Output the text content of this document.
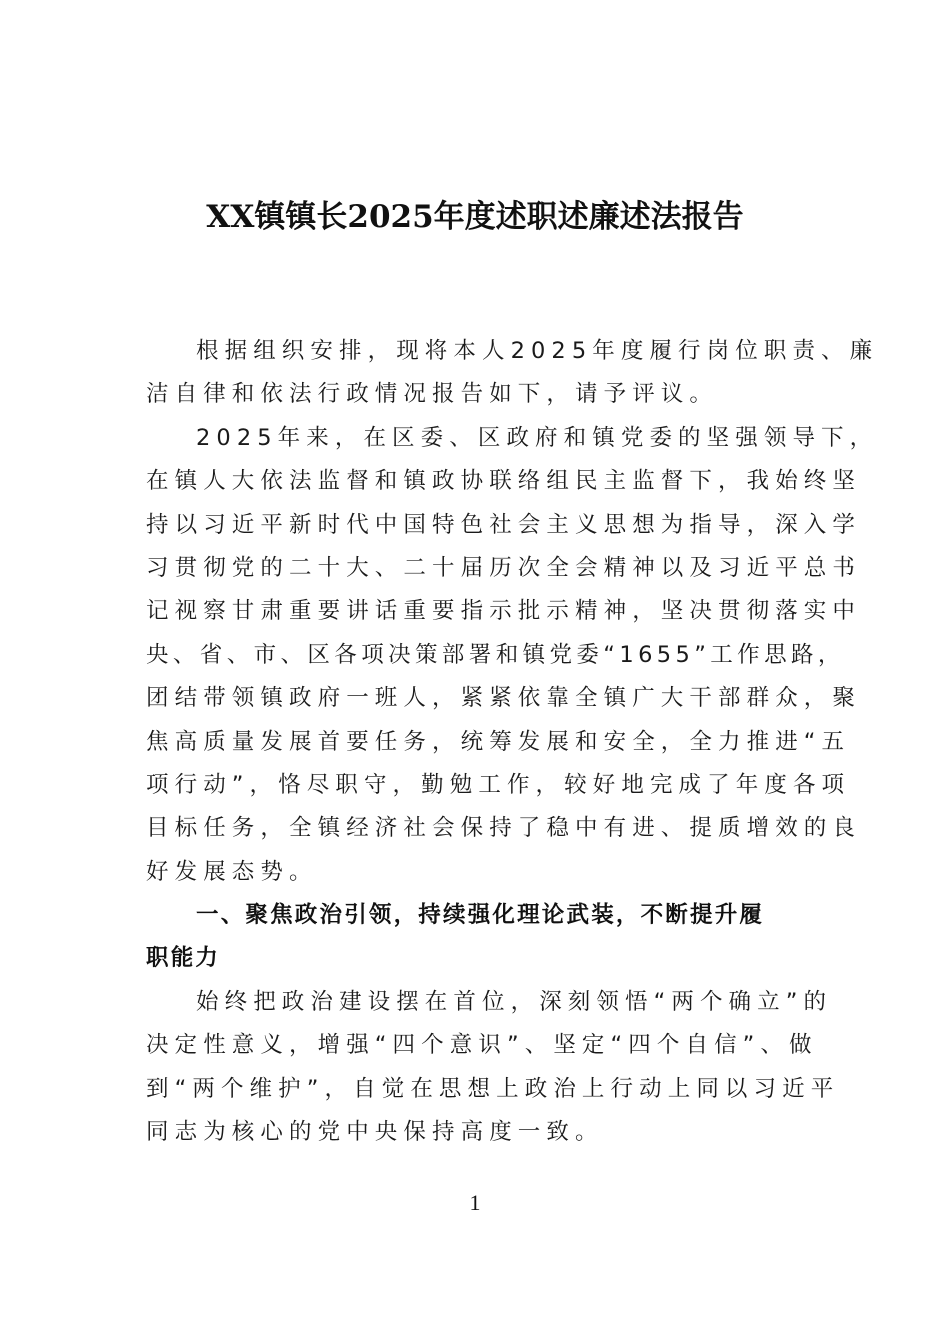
XX镇镇长2025年度述职述廉述法报告
根据组织安排，现将本人2025年度履行岗位职责、廉
洁自律和依法行政情况报告如下，请予评议。
2025年来，在区委、区政府和镇党委的坚强领导下，
在镇人大依法监督和镇政协联络组民主监督下，我始终坚
持以习近平新时代中国特色社会主义思想为指导，深入学
习贯彻党的二十大、二十届历次全会精神以及习近平总书
记视察甘肃重要讲话重要指示批示精神，坚决贯彻落实中
央、省、市、区各项决策部署和镇党委“1655”工作思路，
团结带领镇政府一班人，紧紧依靠全镇广大干部群众，聚
焦高质量发展首要任务，统筹发展和安全，全力推进“五
项行动”，恪尽职守，勤勉工作，较好地完成了年度各项
目标任务，全镇经济社会保持了稳中有进、提质增效的良
好发展态势。
一、聚焦政治引领，持续强化理论武装，不断提升履
职能力
始终把政治建设摆在首位，深刻领悟“两个确立”的
决定性意义，增强“四个意识”、坚定“四个自信”、做
到“两个维护”，自觉在思想上政治上行动上同以习近平
同志为核心的党中央保持高度一致。
1
